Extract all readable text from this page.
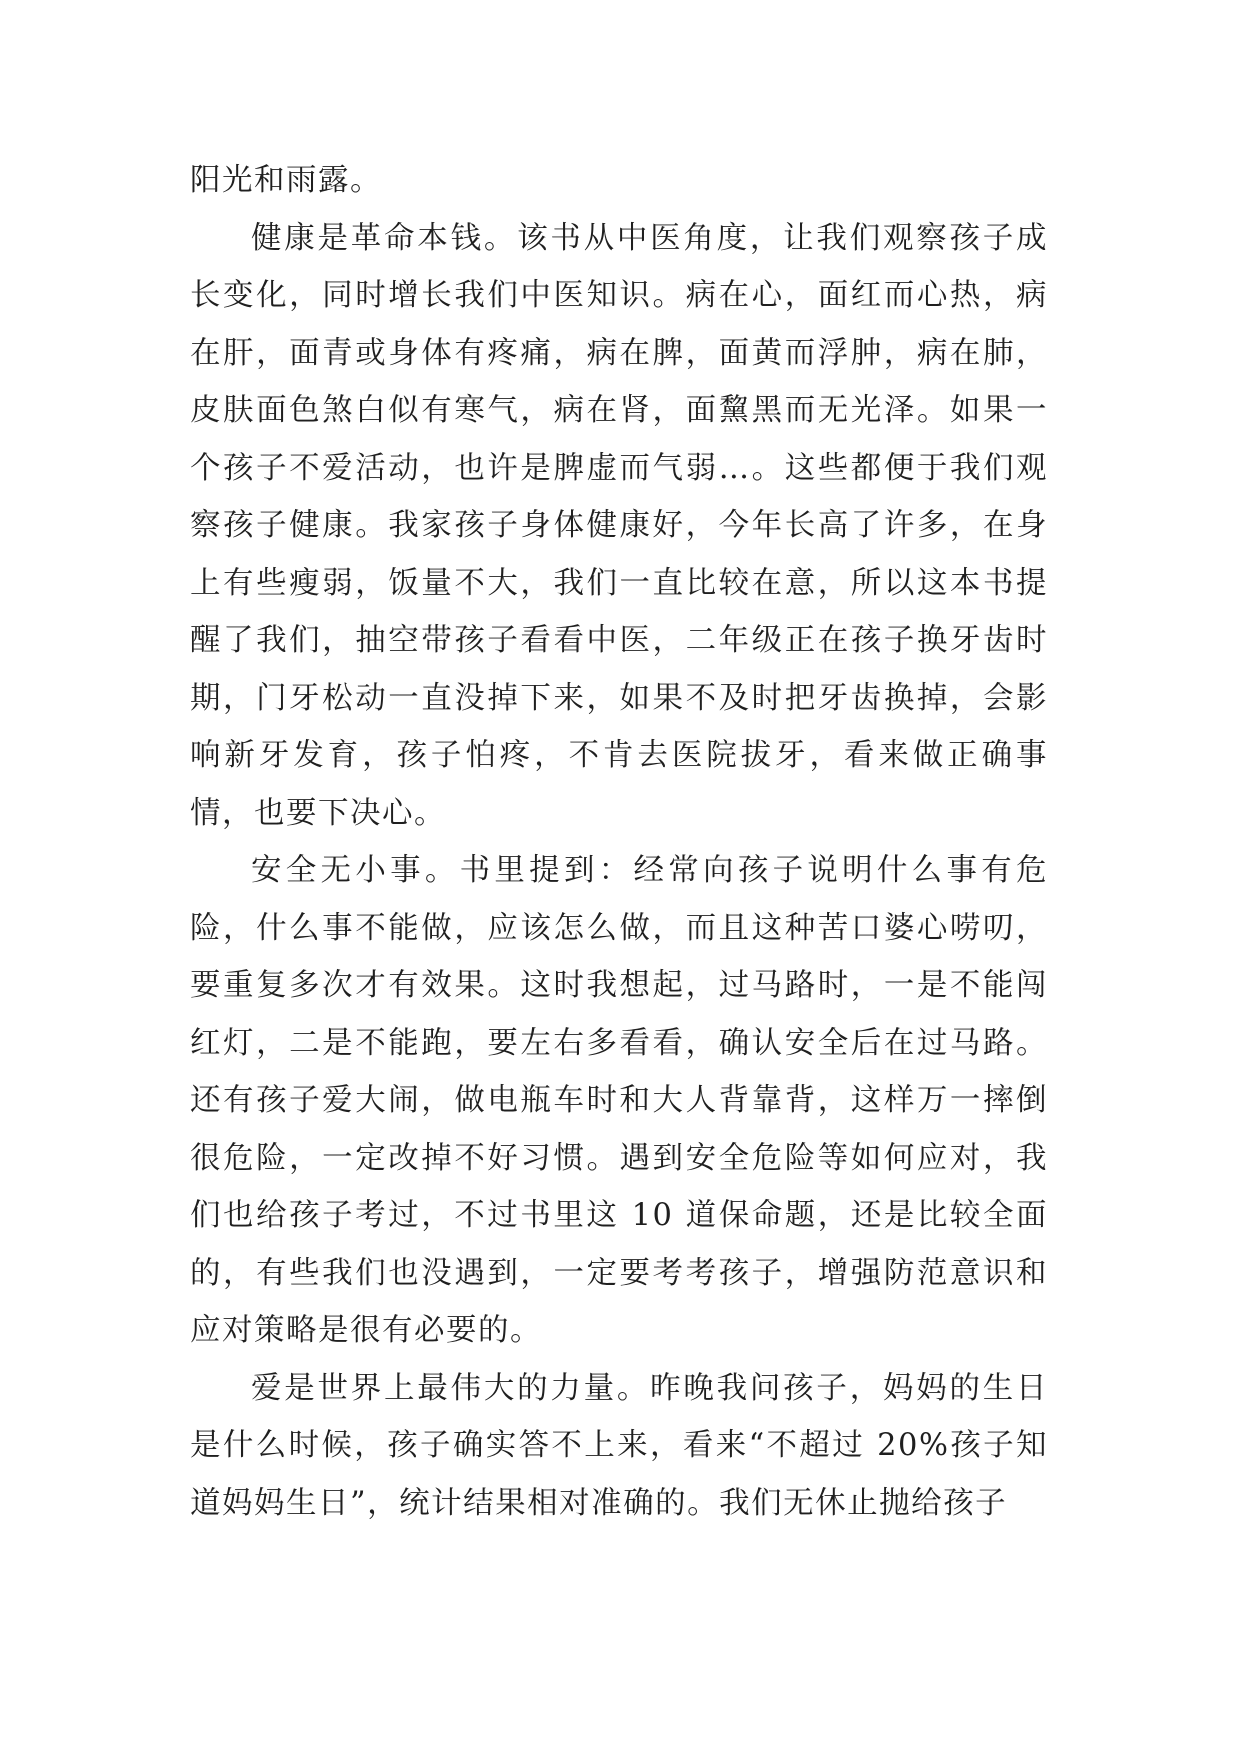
阳光和雨露。

健康是革命本钱。该书从中医角度，让我们观察孩子成长变化，同时增长我们中医知识。病在心，面红而心热，病在肝，面青或身体有疼痛，病在脾，面黄而浮肿，病在肺，皮肤面色煞白似有寒气，病在肾，面黧黑而无光泽。如果一个孩子不爱活动，也许是脾虚而气弱…。这些都便于我们观察孩子健康。我家孩子身体健康好，今年长高了许多，在身上有些瘦弱，饭量不大，我们一直比较在意，所以这本书提醒了我们，抽空带孩子看看中医，二年级正在孩子换牙齿时期，门牙松动一直没掉下来，如果不及时把牙齿换掉，会影响新牙发育，孩子怕疼，不肯去医院拔牙，看来做正确事情，也要下决心。

安全无小事。书里提到：经常向孩子说明什么事有危险，什么事不能做，应该怎么做，而且这种苦口婆心唠叨，要重复多次才有效果。这时我想起，过马路时，一是不能闯红灯，二是不能跑，要左右多看看，确认安全后在过马路。还有孩子爱大闹，做电瓶车时和大人背靠背，这样万一摔倒很危险，一定改掉不好习惯。遇到安全危险等如何应对，我们也给孩子考过，不过书里这 10 道保命题，还是比较全面的，有些我们也没遇到，一定要考考孩子，增强防范意识和应对策略是很有必要的。

爱是世界上最伟大的力量。昨晚我问孩子，妈妈的生日是什么时候，孩子确实答不上来，看来“不超过 20%孩子知道妈妈生日”，统计结果相对准确的。我们无休止抛给孩子
